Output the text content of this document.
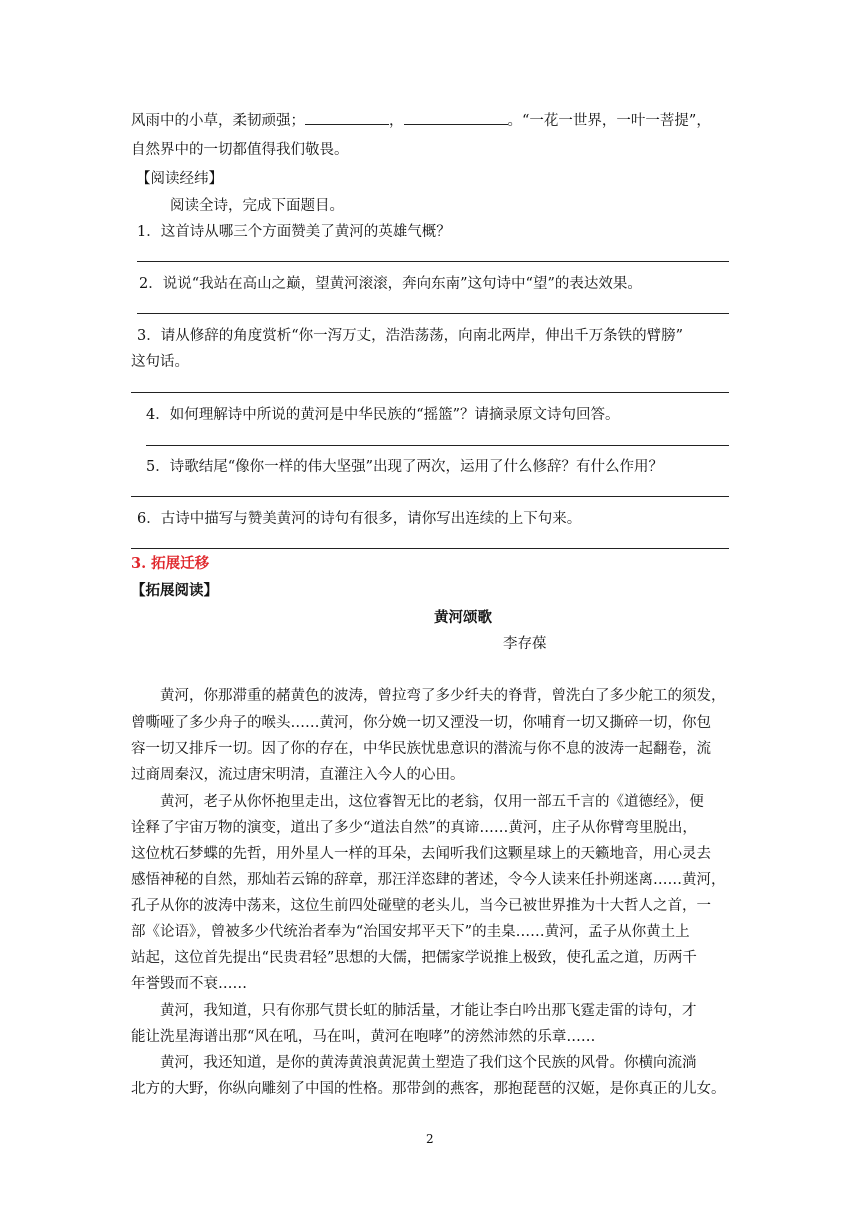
风雨中的小草，柔韧顽强；	，	。“一花一世界，一叶一菩提”，
自然界中的一切都值得我们敬畏。
【阅读经纬】
阅读全诗，完成下面题目。
1．这首诗从哪三个方面赞美了黄河的英雄气概？
2．说说“我站在高山之巅，望黄河滚滚，奔向东南”这句诗中“望”的表达效果。
3．请从修辞的角度赏析“你一泻万丈，浩浩荡荡，向南北两岸，伸出千万条铁的臂膀”
这句话。
4．如何理解诗中所说的黄河是中华民族的“摇篮”？请摘录原文诗句回答。
5．诗歌结尾“像你一样的伟大坚强”出现了两次，运用了什么修辞？有什么作用？
6．古诗中描写与赞美黄河的诗句有很多，请你写出连续的上下句来。
3. 拓展迁移
【拓展阅读】
黄河颂歌
李存葆
黄河，你那滞重的赭黄色的波涛，曾拉弯了多少纤夫的脊背，曾洗白了多少舵工的须发，
曾嘶哑了多少舟子的喉头……黄河，你分娩一切又湮没一切，你哺育一切又撕碎一切，你包
容一切又排斥一切。因了你的存在，中华民族忧患意识的潜流与你不息的波涛一起翻卷，流
过商周秦汉，流过唐宋明清，直灌注入今人的心田。
黄河，老子从你怀抱里走出，这位睿智无比的老翁，仅用一部五千言的《道德经》，便
诠释了宇宙万物的演变，道出了多少“道法自然”的真谛……黄河，庄子从你臂弯里脱出，
这位枕石梦蝶的先哲，用外星人一样的耳朵，去闻听我们这颗星球上的天籁地音，用心灵去
感悟神秘的自然，那灿若云锦的辞章，那汪洋恣肆的著述，令今人读来任扑朔迷离……黄河，
孔子从你的波涛中荡来，这位生前四处碰壁的老头儿，当今已被世界推为十大哲人之首，一
部《论语》，曾被多少代统治者奉为“治国安邦平天下”的圭臬……黄河，孟子从你黄土上
站起，这位首先提出“民贵君轻”思想的大儒，把儒家学说推上极致，使孔孟之道，历两千
年誉毁而不衰……
黄河，我知道，只有你那气贯长虹的肺活量，才能让李白吟出那飞霆走雷的诗句，才
能让洗星海谱出那“风在吼，马在叫，黄河在咆哮”的滂然沛然的乐章……
黄河，我还知道，是你的黄涛黄浪黄泥黄土塑造了我们这个民族的风骨。你横向流淌
北方的大野，你纵向雕刻了中国的性格。那带剑的燕客，那抱琵琶的汉姬，是你真正的儿女。
2
